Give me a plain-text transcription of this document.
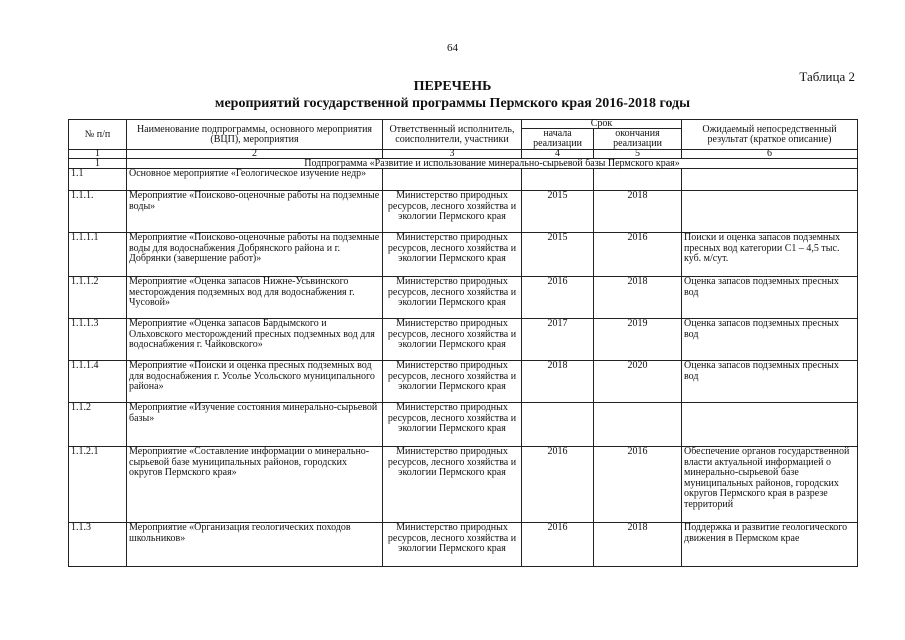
64
Таблица 2
ПЕРЕЧЕНЬ
мероприятий государственной программы Пермского края 2016-2018 годы
№ п/п	Наименование подпрограммы, основного мероприятия (ВЦП), мероприятия	Ответственный исполнитель, соисполнители, участники	Срок		Ожидаемый непосредственный результат (краткое описание)
			начала реализации	окончания реализации	
1	2	3	4	5	6
1	Подпрограмма «Развитие и использование минерально-сырьевой базы Пермского края»				
1.1	Основное мероприятие «Геологическое изучение недр»				
1.1.1.	Мероприятие «Поисково-оценочные работы на подземные воды»	Министерство природных ресурсов, лесного хозяйства и экологии Пермского края	2015	2018	
1.1.1.1	Мероприятие «Поисково-оценочные работы на подземные воды для водоснабжения Добрянского района и г. Добрянки (завершение работ)»	Министерство природных ресурсов, лесного хозяйства и экологии Пермского края	2015	2016	Поиски и оценка запасов подземных пресных вод категории С1 – 4,5 тыс. куб. м/сут.
1.1.1.2	Мероприятие «Оценка запасов Нижне-Усьвинского месторождения подземных вод для водоснабжения г. Чусовой»	Министерство природных ресурсов, лесного хозяйства и экологии Пермского края	2016	2018	Оценка запасов подземных пресных вод
1.1.1.3	Мероприятие «Оценка запасов Бардымского и Ольховского месторождений пресных подземных вод для водоснабжения г. Чайковского»	Министерство природных ресурсов, лесного хозяйства и экологии Пермского края	2017	2019	Оценка запасов подземных пресных вод
1.1.1.4	Мероприятие «Поиски и оценка пресных подземных вод для водоснабжения г. Усолье Усольского муниципального района»	Министерство природных ресурсов, лесного хозяйства и экологии Пермского края	2018	2020	Оценка запасов подземных пресных вод
1.1.2	Мероприятие «Изучение состояния минерально-сырьевой базы»	Министерство природных ресурсов, лесного хозяйства и экологии Пермского края			
1.1.2.1	Мероприятие «Составление информации о минерально-сырьевой базе муниципальных районов, городских округов Пермского края»	Министерство природных ресурсов, лесного хозяйства и экологии Пермского края	2016	2016	Обеспечение органов государственной власти актуальной информацией о минерально-сырьевой базе муниципальных районов, городских округов Пермского края в разрезе территорий
1.1.3	Мероприятие «Организация геологических походов школьников»	Министерство природных ресурсов, лесного хозяйства и экологии Пермского края	2016	2018	Поддержка и развитие геологического движения в Пермском крае
